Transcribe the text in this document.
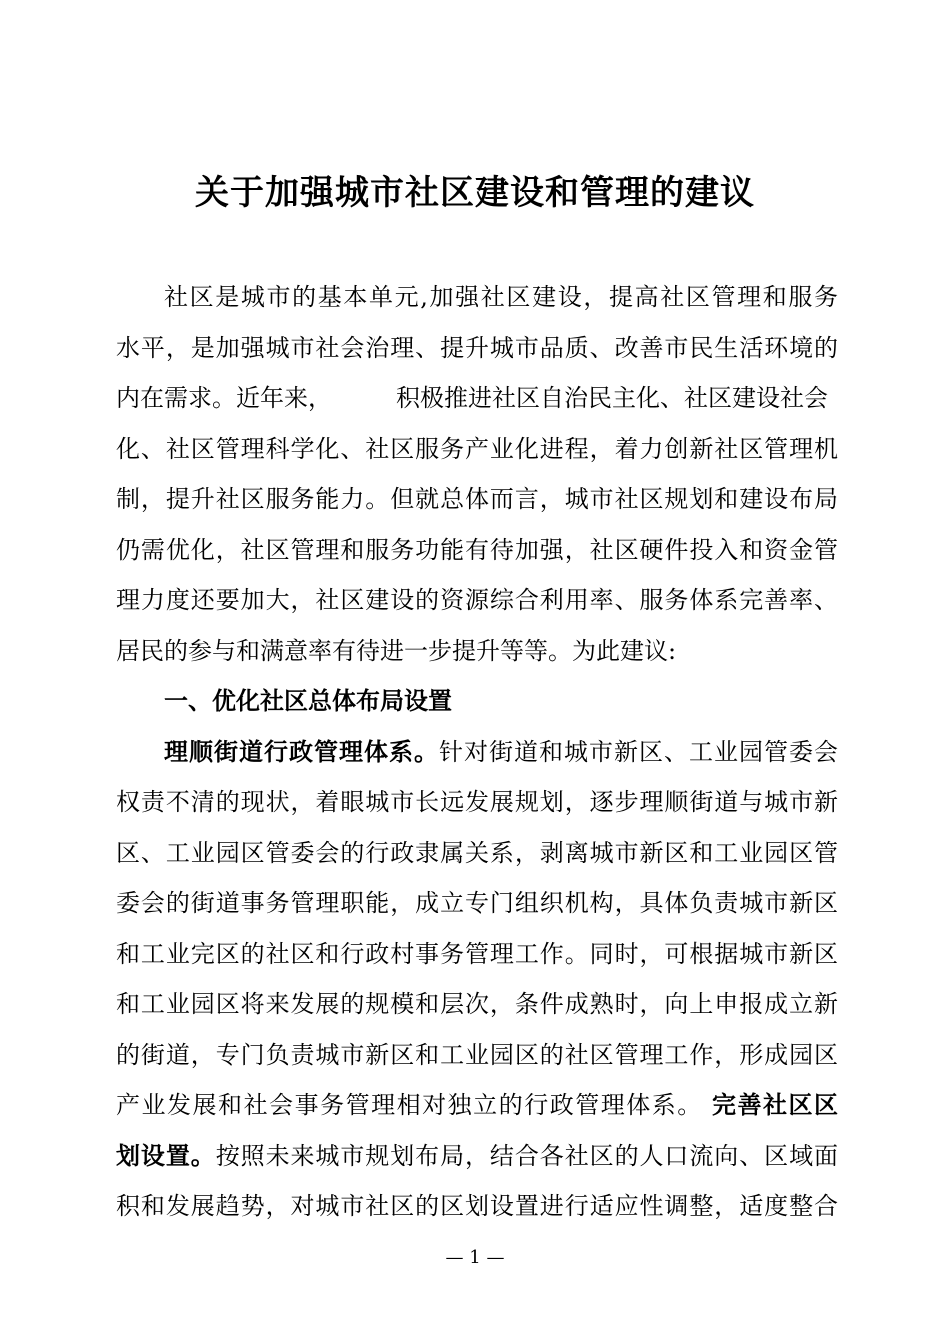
关于加强城市社区建设和管理的建议
社区是城市的基本单元,加强社区建设，提高社区管理和服务
水平，是加强城市社会治理、提升城市品质、改善市民生活环境的
内在需求。近年来，	积极推进社区自治民主化、社区建设社会
化、社区管理科学化、社区服务产业化进程，着力创新社区管理机
制，提升社区服务能力。但就总体而言，城市社区规划和建设布局
仍需优化，社区管理和服务功能有待加强，社区硬件投入和资金管
理力度还要加大，社区建设的资源综合利用率、服务体系完善率、
居民的参与和满意率有待进一步提升等等。为此建议:
一、优化社区总体布局设置
理顺街道行政管理体系。针对街道和城市新区、工业园管委会
权责不清的现状，着眼城市长远发展规划，逐步理顺街道与城市新
区、工业园区管委会的行政隶属关系，剥离城市新区和工业园区管
委会的街道事务管理职能，成立专门组织机构，具体负责城市新区
和工业完区的社区和行政村事务管理工作。同时，可根据城市新区
和工业园区将来发展的规模和层次，条件成熟时，向上申报成立新
的街道，专门负责城市新区和工业园区的社区管理工作，形成园区
产业发展和社会事务管理相对独立的行政管理体系。 完善社区区
划设置。按照未来城市规划布局，结合各社区的人口流向、区域面
积和发展趋势，对城市社区的区划设置进行适应性调整，适度整合
— 1 —
